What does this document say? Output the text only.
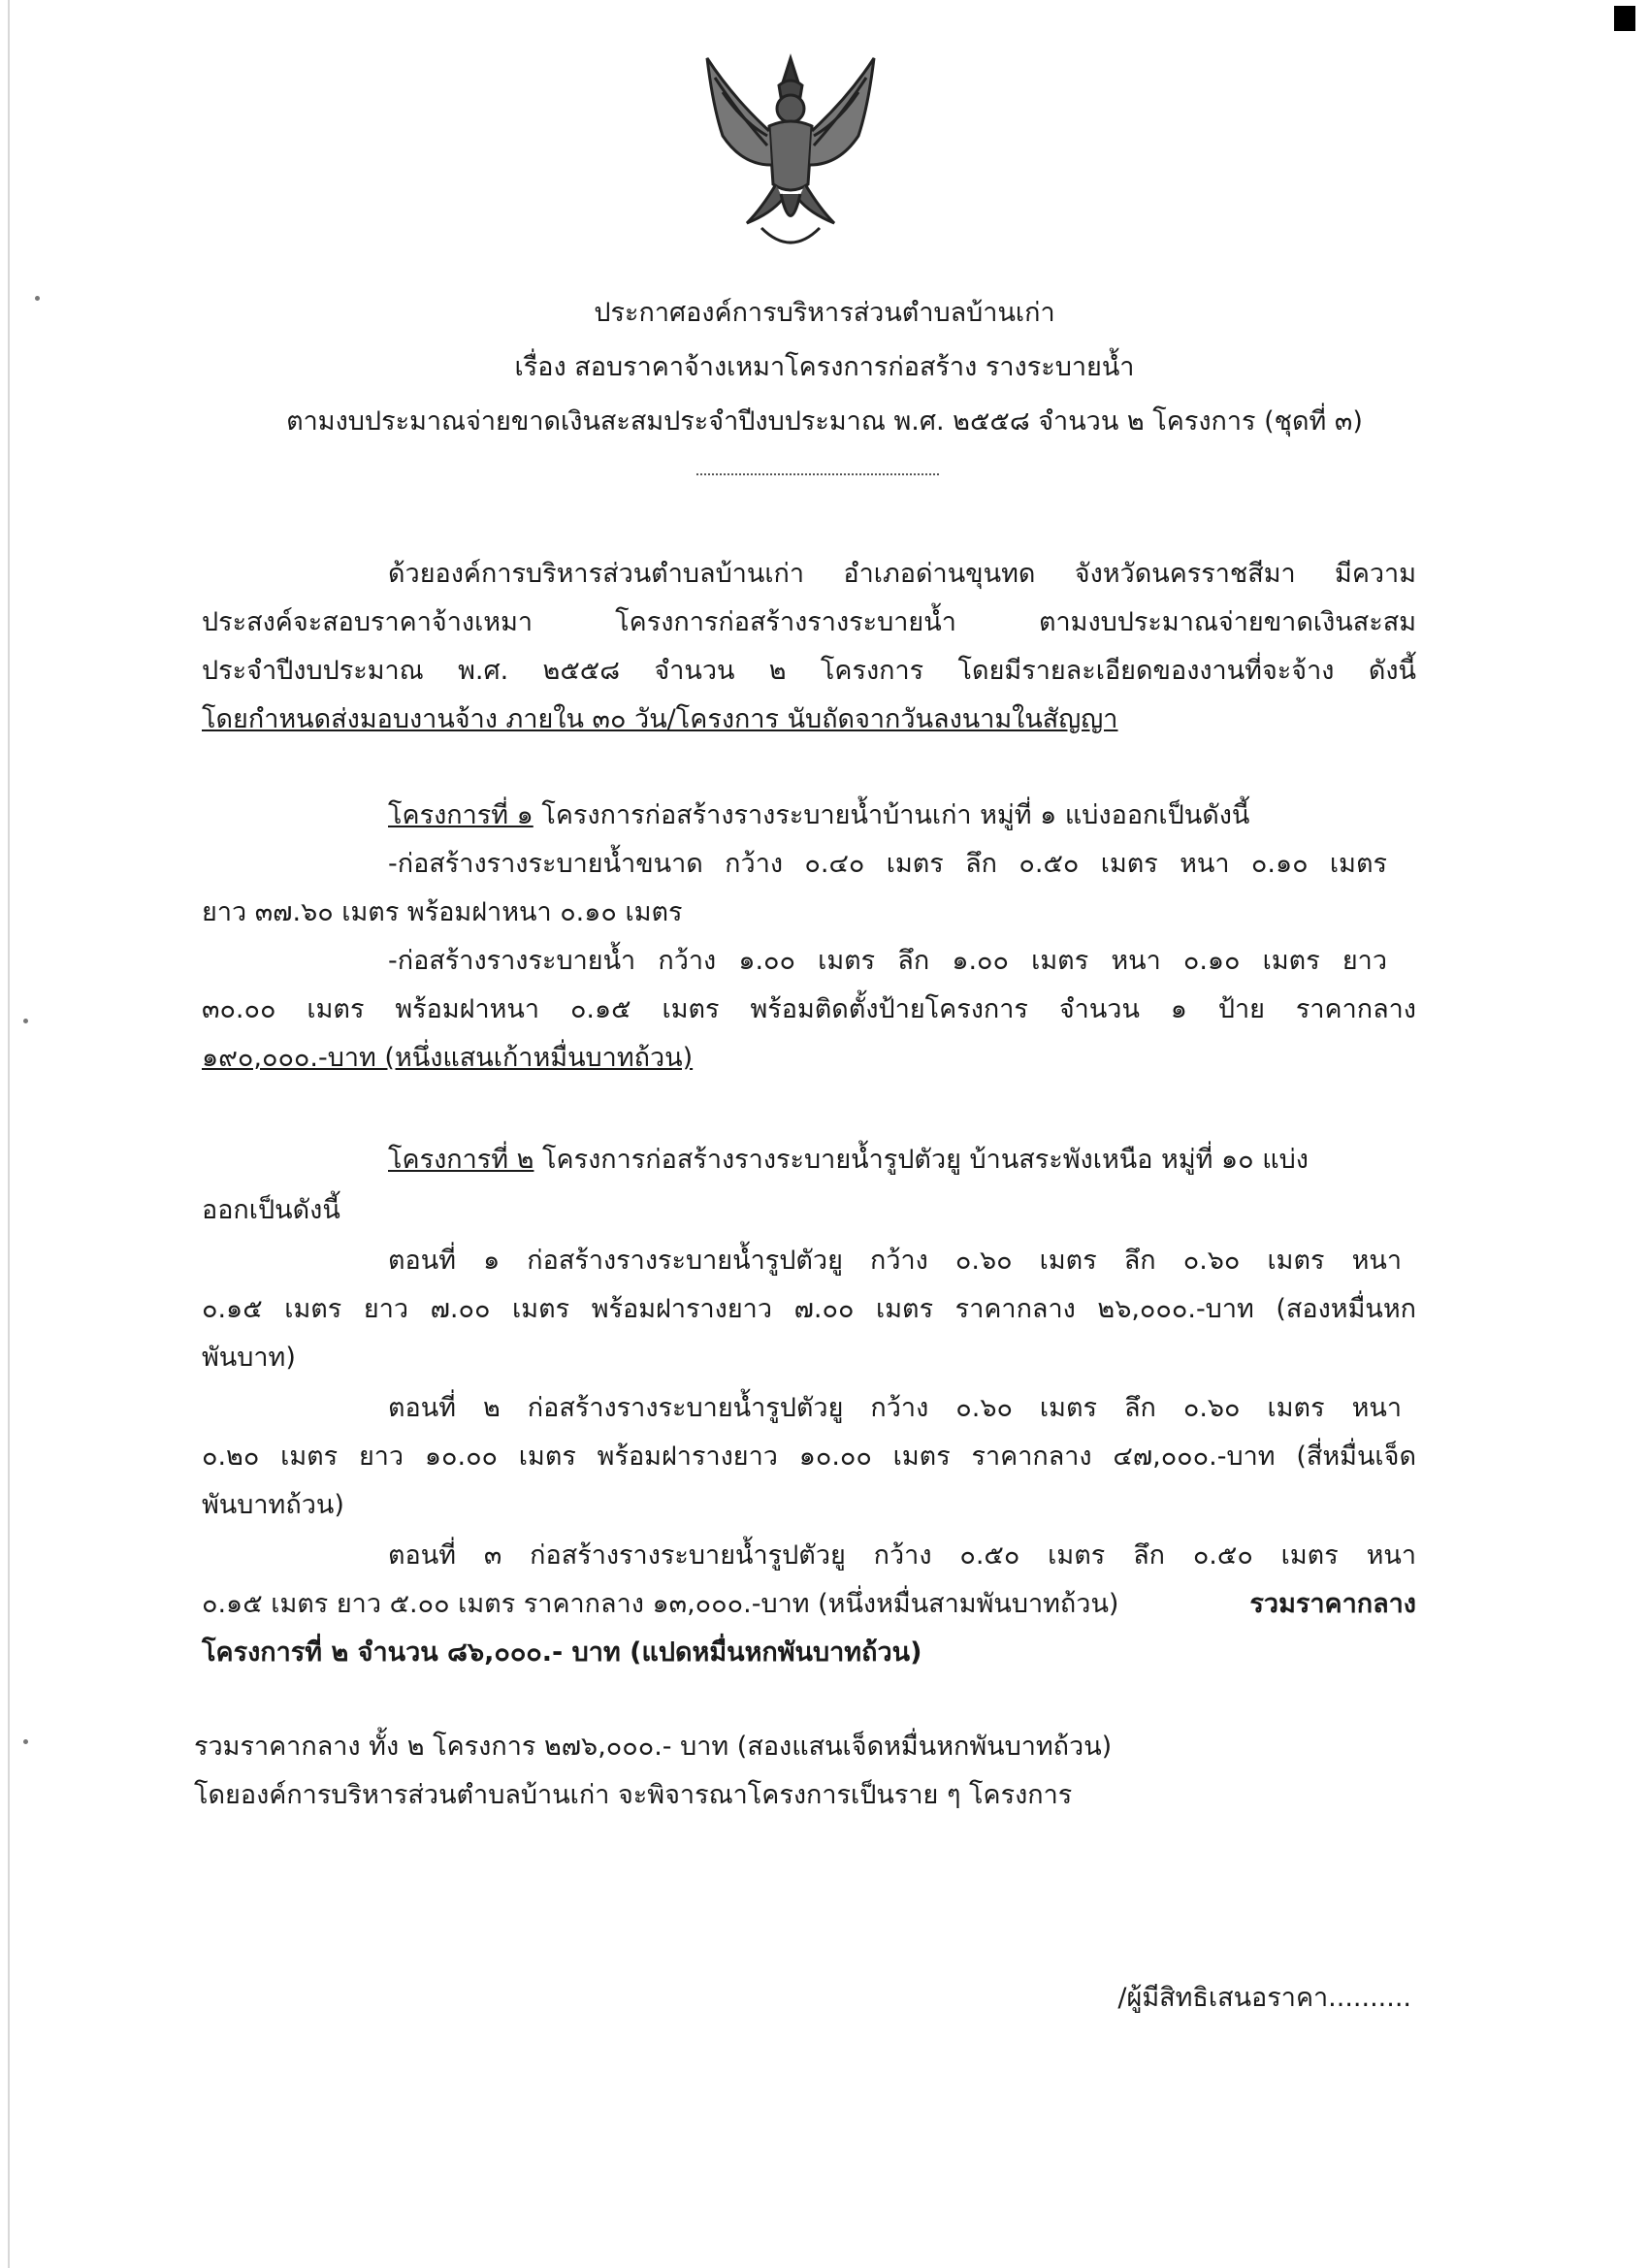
ประกาศองค์การบริหารส่วนตำบลบ้านเก่า
เรื่อง สอบราคาจ้างเหมาโครงการก่อสร้าง รางระบายน้ำ
ตามงบประมาณจ่ายขาดเงินสะสมประจำปีงบประมาณ พ.ศ. ๒๕๕๘ จำนวน ๒ โครงการ (ชุดที่ ๓)
ด้วยองค์การบริหารส่วนตำบลบ้านเก่า อำเภอด่านขุนทด จังหวัดนครราชสีมา มีความ
ประสงค์จะสอบราคาจ้างเหมา โครงการก่อสร้างรางระบายน้ำ ตามงบประมาณจ่ายขาดเงินสะสม
ประจำปีงบประมาณ พ.ศ. ๒๕๕๘ จำนวน ๒ โครงการ โดยมีรายละเอียดของงานที่จะจ้าง ดังนี้
โดยกำหนดส่งมอบงานจ้าง ภายใน ๓๐ วัน/โครงการ นับถัดจากวันลงนามในสัญญา
โครงการที่ ๑ โครงการก่อสร้างรางระบายน้ำบ้านเก่า หมู่ที่ ๑ แบ่งออกเป็นดังนี้
-ก่อสร้างรางระบายน้ำขนาด กว้าง ๐.๔๐ เมตร ลึก ๐.๕๐ เมตร หนา ๐.๑๐ เมตร
ยาว ๓๗.๖๐ เมตร พร้อมฝาหนา ๐.๑๐ เมตร
-ก่อสร้างรางระบายน้ำ กว้าง ๑.๐๐ เมตร ลึก ๑.๐๐ เมตร หนา ๐.๑๐ เมตร ยาว
๓๐.๐๐ เมตร พร้อมฝาหนา ๐.๑๕ เมตร พร้อมติดตั้งป้ายโครงการ จำนวน ๑ ป้าย ราคากลาง
๑๙๐,๐๐๐.-บาท (หนึ่งแสนเก้าหมื่นบาทถ้วน)
โครงการที่ ๒ โครงการก่อสร้างรางระบายน้ำรูปตัวยู บ้านสระพังเหนือ หมู่ที่ ๑๐ แบ่ง
ออกเป็นดังนี้
ตอนที่ ๑ ก่อสร้างรางระบายน้ำรูปตัวยู กว้าง ๐.๖๐ เมตร ลึก ๐.๖๐ เมตร หนา
๐.๑๕ เมตร ยาว ๗.๐๐ เมตร พร้อมฝารางยาว ๗.๐๐ เมตร ราคากลาง ๒๖,๐๐๐.-บาท (สองหมื่นหก
พันบาท)
ตอนที่ ๒ ก่อสร้างรางระบายน้ำรูปตัวยู กว้าง ๐.๖๐ เมตร ลึก ๐.๖๐ เมตร หนา
๐.๒๐ เมตร ยาว ๑๐.๐๐ เมตร พร้อมฝารางยาว ๑๐.๐๐ เมตร ราคากลาง ๔๗,๐๐๐.-บาท (สี่หมื่นเจ็ด
พันบาทถ้วน)
ตอนที่ ๓ ก่อสร้างรางระบายน้ำรูปตัวยู กว้าง ๐.๕๐ เมตร ลึก ๐.๕๐ เมตร หนา
๐.๑๕ เมตร ยาว ๕.๐๐ เมตร ราคากลาง ๑๓,๐๐๐.-บาท (หนึ่งหมื่นสามพันบาทถ้วน)	รวมราคากลาง
โครงการที่ ๒ จำนวน ๘๖,๐๐๐.- บาท (แปดหมื่นหกพันบาทถ้วน)
รวมราคากลาง ทั้ง ๒ โครงการ ๒๗๖,๐๐๐.- บาท (สองแสนเจ็ดหมื่นหกพันบาทถ้วน)
โดยองค์การบริหารส่วนตำบลบ้านเก่า จะพิจารณาโครงการเป็นราย ๆ โครงการ
/ผู้มีสิทธิเสนอราคา..........
